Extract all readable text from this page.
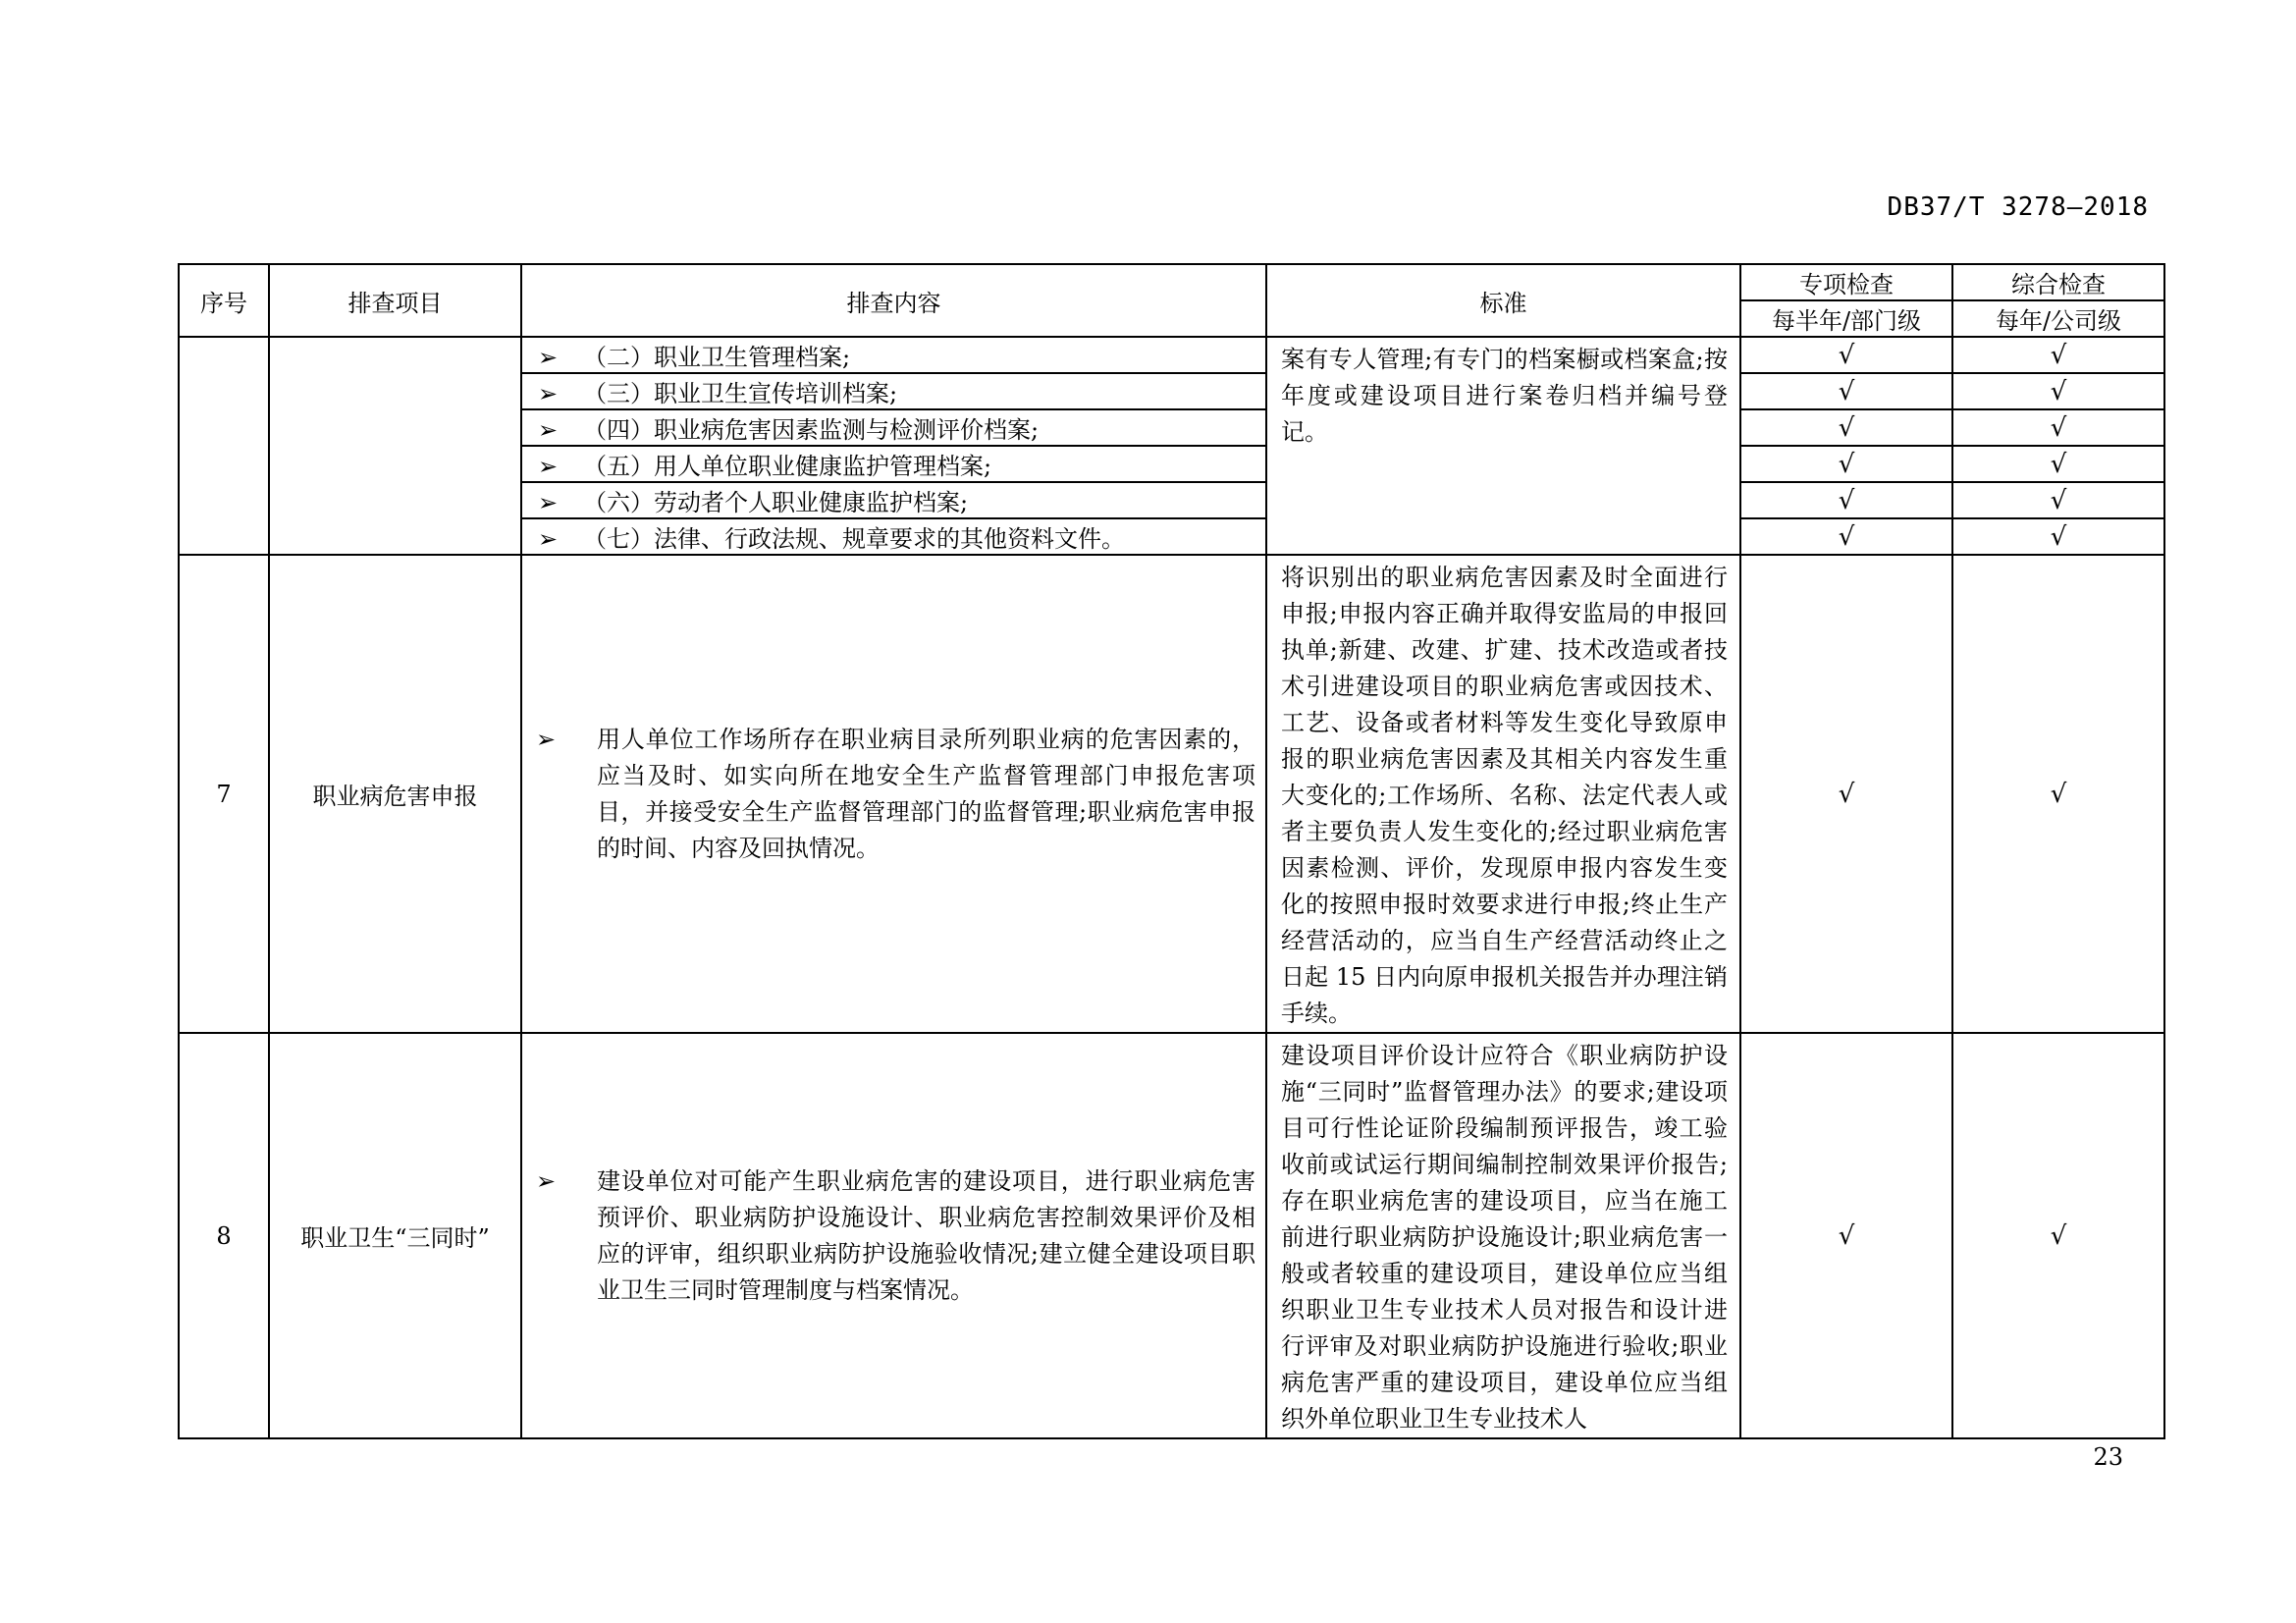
DB37/T 3278—2018
序号	排查项目	排查内容	标准	专项检查	综合检查
				每半年/部门级	每年/公司级
		➢ （二）职业卫生管理档案;	案有专人管理;有专门的档案橱或档案盒;按年度或建设项目进行案卷归档并编号登记。	√	√
		➢ （三）职业卫生宣传培训档案;		√	√
		➢ （四）职业病危害因素监测与检测评价档案;		√	√
		➢ （五）用人单位职业健康监护管理档案;		√	√
		➢ （六）劳动者个人职业健康监护档案;		√	√
		➢ （七）法律、行政法规、规章要求的其他资料文件。		√	√
7	职业病危害申报	➢ 用人单位工作场所存在职业病目录所列职业病的危害因素的，应当及时、如实向所在地安全生产监督管理部门申报危害项目，并接受安全生产监督管理部门的监督管理;职业病危害申报的时间、内容及回执情况。	将识别出的职业病危害因素及时全面进行申报;申报内容正确并取得安监局的申报回执单;新建、改建、扩建、技术改造或者技术引进建设项目的职业病危害或因技术、工艺、设备或者材料等发生变化导致原申报的职业病危害因素及其相关内容发生重大变化的;工作场所、名称、法定代表人或者主要负责人发生变化的;经过职业病危害因素检测、评价，发现原申报内容发生变化的按照申报时效要求进行申报;终止生产经营活动的，应当自生产经营活动终止之日起 15 日内向原申报机关报告并办理注销手续。	√	√
8	职业卫生“三同时”	➢ 建设单位对可能产生职业病危害的建设项目，进行职业病危害预评价、职业病防护设施设计、职业病危害控制效果评价及相应的评审，组织职业病防护设施验收情况;建立健全建设项目职业卫生三同时管理制度与档案情况。	建设项目评价设计应符合《职业病防护设施“三同时”监督管理办法》的要求;建设项目可行性论证阶段编制预评报告，竣工验收前或试运行期间编制控制效果评价报告;存在职业病危害的建设项目，应当在施工前进行职业病防护设施设计;职业病危害一般或者较重的建设项目，建设单位应当组织职业卫生专业技术人员对报告和设计进行评审及对职业病防护设施进行验收;职业病危害严重的建设项目，建设单位应当组织外单位职业卫生专业技术人	√	√
23
